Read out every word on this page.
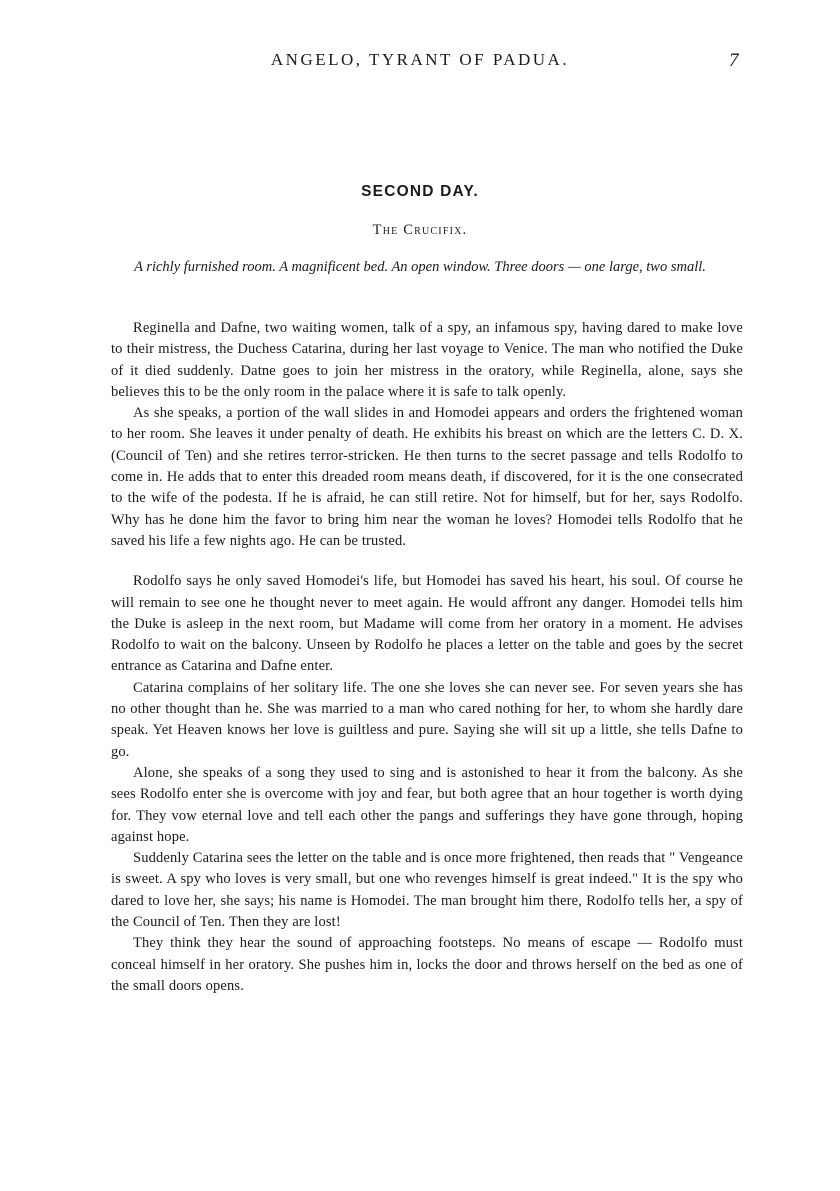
ANGELO, TYRANT OF PADUA.	7
SECOND DAY.
The Crucifix.
A richly furnished room. A magnificent bed. An open window. Three doors — one large, two small.

Reginella and Dafne, two waiting women, talk of a spy, an infamous spy, having dared to make love to their mistress, the Duchess Catarina, during her last voyage to Venice. The man who notified the Duke of it died suddenly. Datne goes to join her mistress in the oratory, while Reginella, alone, says she believes this to be the only room in the palace where it is safe to talk openly.

As she speaks, a portion of the wall slides in and Homodei appears and orders the frightened woman to her room. She leaves it under penalty of death. He exhibits his breast on which are the letters C. D. X. (Council of Ten) and she retires terror-stricken. He then turns to the secret passage and tells Rodolfo to come in. He adds that to enter this dreaded room means death, if discovered, for it is the one consecrated to the wife of the podesta. If he is afraid, he can still retire. Not for himself, but for her, says Rodolfo. Why has he done him the favor to bring him near the woman he loves? Homodei tells Rodolfo that he saved his life a few nights ago. He can be trusted.

Rodolfo says he only saved Homodei's life, but Homodei has saved his heart, his soul. Of course he will remain to see one he thought never to meet again. He would affront any danger. Homodei tells him the Duke is asleep in the next room, but Madame will come from her oratory in a moment. He advises Rodolfo to wait on the balcony. Unseen by Rodolfo he places a letter on the table and goes by the secret entrance as Catarina and Dafne enter.

Catarina complains of her solitary life. The one she loves she can never see. For seven years she has no other thought than he. She was married to a man who cared nothing for her, to whom she hardly dare speak. Yet Heaven knows her love is guiltless and pure. Saying she will sit up a little, she tells Dafne to go.

Alone, she speaks of a song they used to sing and is astonished to hear it from the balcony. As she sees Rodolfo enter she is overcome with joy and fear, but both agree that an hour together is worth dying for. They vow eternal love and tell each other the pangs and sufferings they have gone through, hoping against hope.

Suddenly Catarina sees the letter on the table and is once more frightened, then reads that " Vengeance is sweet. A spy who loves is very small, but one who revenges himself is great indeed." It is the spy who dared to love her, she says; his name is Homodei. The man brought him there, Rodolfo tells her, a spy of the Council of Ten. Then they are lost!

They think they hear the sound of approaching footsteps. No means of escape — Rodolfo must conceal himself in her oratory. She pushes him in, locks the door and throws herself on the bed as one of the small doors opens.
